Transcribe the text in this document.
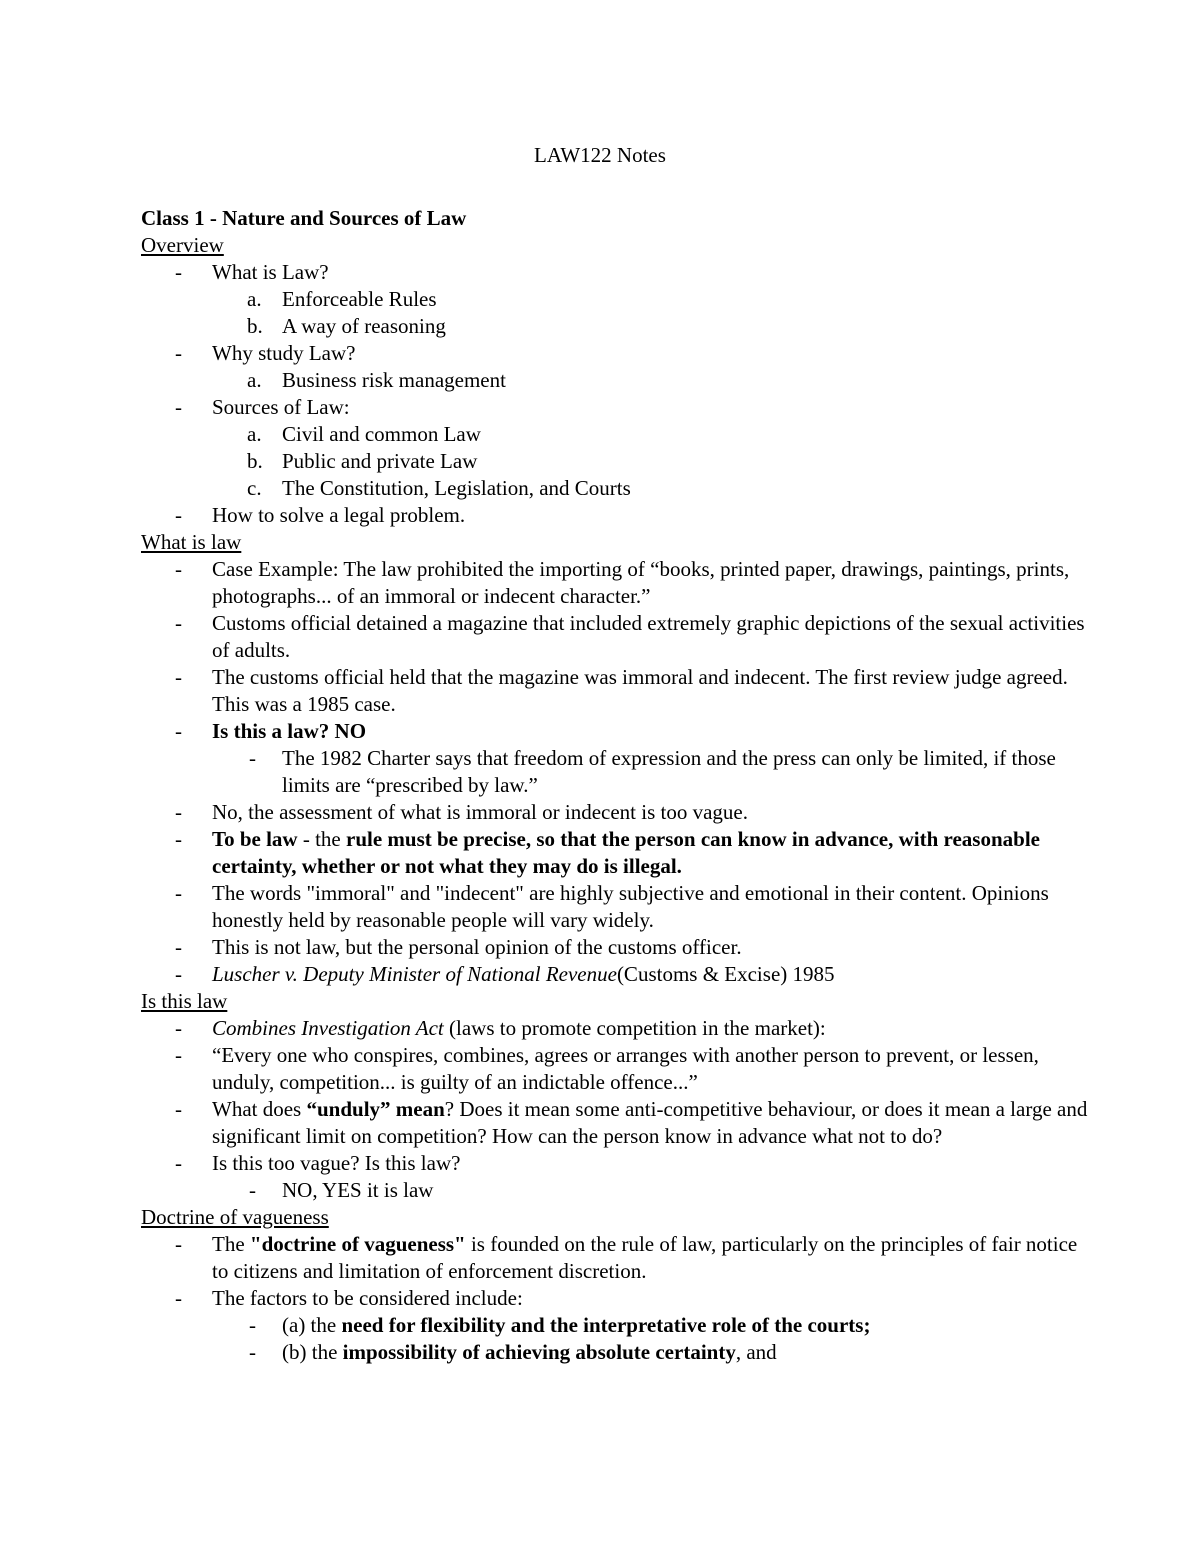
LAW122 Notes
Class 1 - Nature and Sources of Law
Overview
- What is Law?
a. Enforceable Rules
b. A way of reasoning
- Why study Law?
a. Business risk management
- Sources of Law:
a. Civil and common Law
b. Public and private Law
c. The Constitution, Legislation, and Courts
- How to solve a legal problem.
What is law
- Case Example: The law prohibited the importing of “books, printed paper, drawings, paintings, prints, photographs... of an immoral or indecent character.”
- Customs official detained a magazine that included extremely graphic depictions of the sexual activities of adults.
- The customs official held that the magazine was immoral and indecent. The first review judge agreed. This was a 1985 case.
- Is this a law? NO
- The 1982 Charter says that freedom of expression and the press can only be limited, if those limits are “prescribed by law.”
- No, the assessment of what is immoral or indecent is too vague.
- To be law - the rule must be precise, so that the person can know in advance, with reasonable certainty, whether or not what they may do is illegal.
- The words "immoral" and "indecent" are highly subjective and emotional in their content. Opinions honestly held by reasonable people will vary widely.
- This is not law, but the personal opinion of the customs officer.
- Luscher v. Deputy Minister of National Revenue(Customs & Excise) 1985
Is this law
- Combines Investigation Act (laws to promote competition in the market):
- “Every one who conspires, combines, agrees or arranges with another person to prevent, or lessen, unduly, competition... is guilty of an indictable offence...”
- What does “unduly” mean? Does it mean some anti-competitive behaviour, or does it mean a large and significant limit on competition? How can the person know in advance what not to do?
- Is this too vague? Is this law?
- NO, YES it is law
Doctrine of vagueness
- The "doctrine of vagueness" is founded on the rule of law, particularly on the principles of fair notice to citizens and limitation of enforcement discretion.
- The factors to be considered include:
- (a) the need for flexibility and the interpretative role of the courts;
- (b) the impossibility of achieving absolute certainty, and
